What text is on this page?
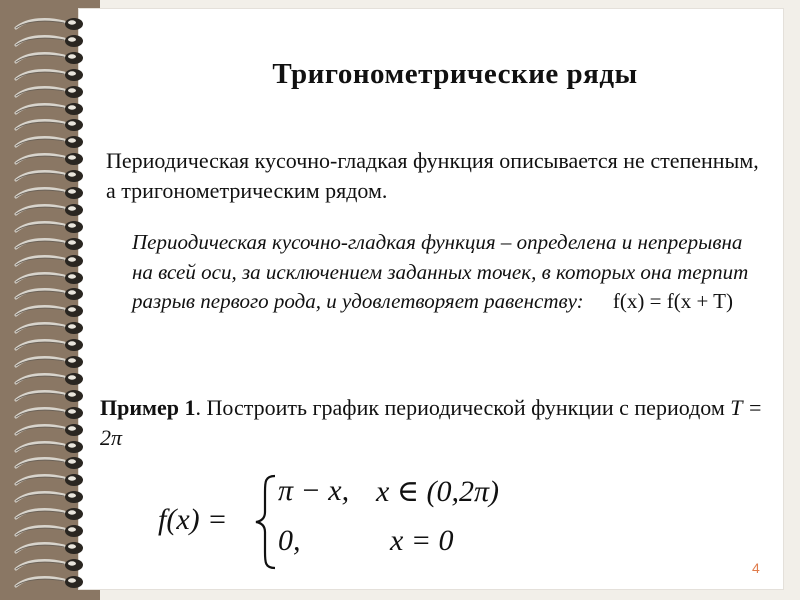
Тригонометрические ряды
Периодическая кусочно-гладкая функция описывается не степенным, а тригонометрическим рядом.
Периодическая кусочно-гладкая функция – определена и непрерывна на всей оси, за исключением заданных точек, в которых она терпит разрыв первого рода, и удовлетворяет равенству: f(x) = f(x + T)
Пример 1. Построить график периодической функции с периодом T = 2π
f(x) =
π − x, x ∈ (0,2π)
0,	x = 0
4
